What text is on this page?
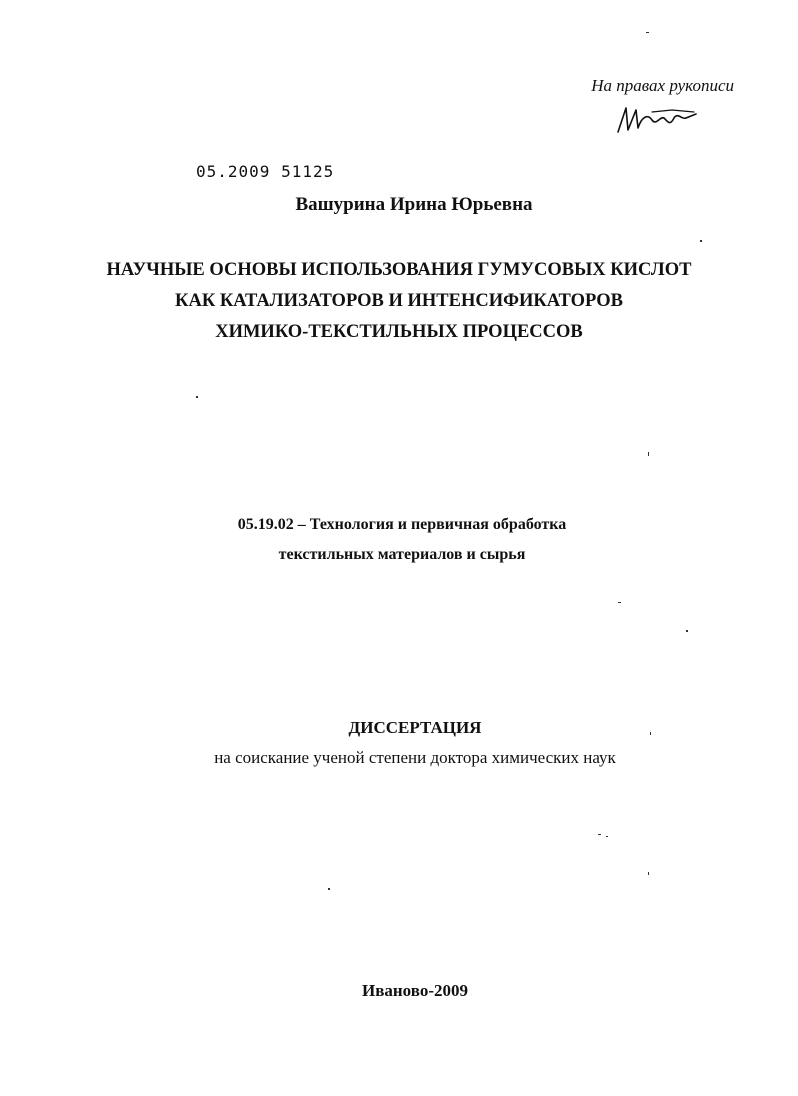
На правах рукописи
05.2009 51125
Вашурина Ирина Юрьевна
НАУЧНЫЕ ОСНОВЫ ИСПОЛЬЗОВАНИЯ ГУМУСОВЫХ КИСЛОТ
КАК КАТАЛИЗАТОРОВ И ИНТЕНСИФИКАТОРОВ
ХИМИКО-ТЕКСТИЛЬНЫХ ПРОЦЕССОВ
05.19.02 – Технология и первичная обработка
текстильных материалов и сырья
ДИССЕРТАЦИЯ
на соискание ученой степени доктора химических наук
Иваново-2009
